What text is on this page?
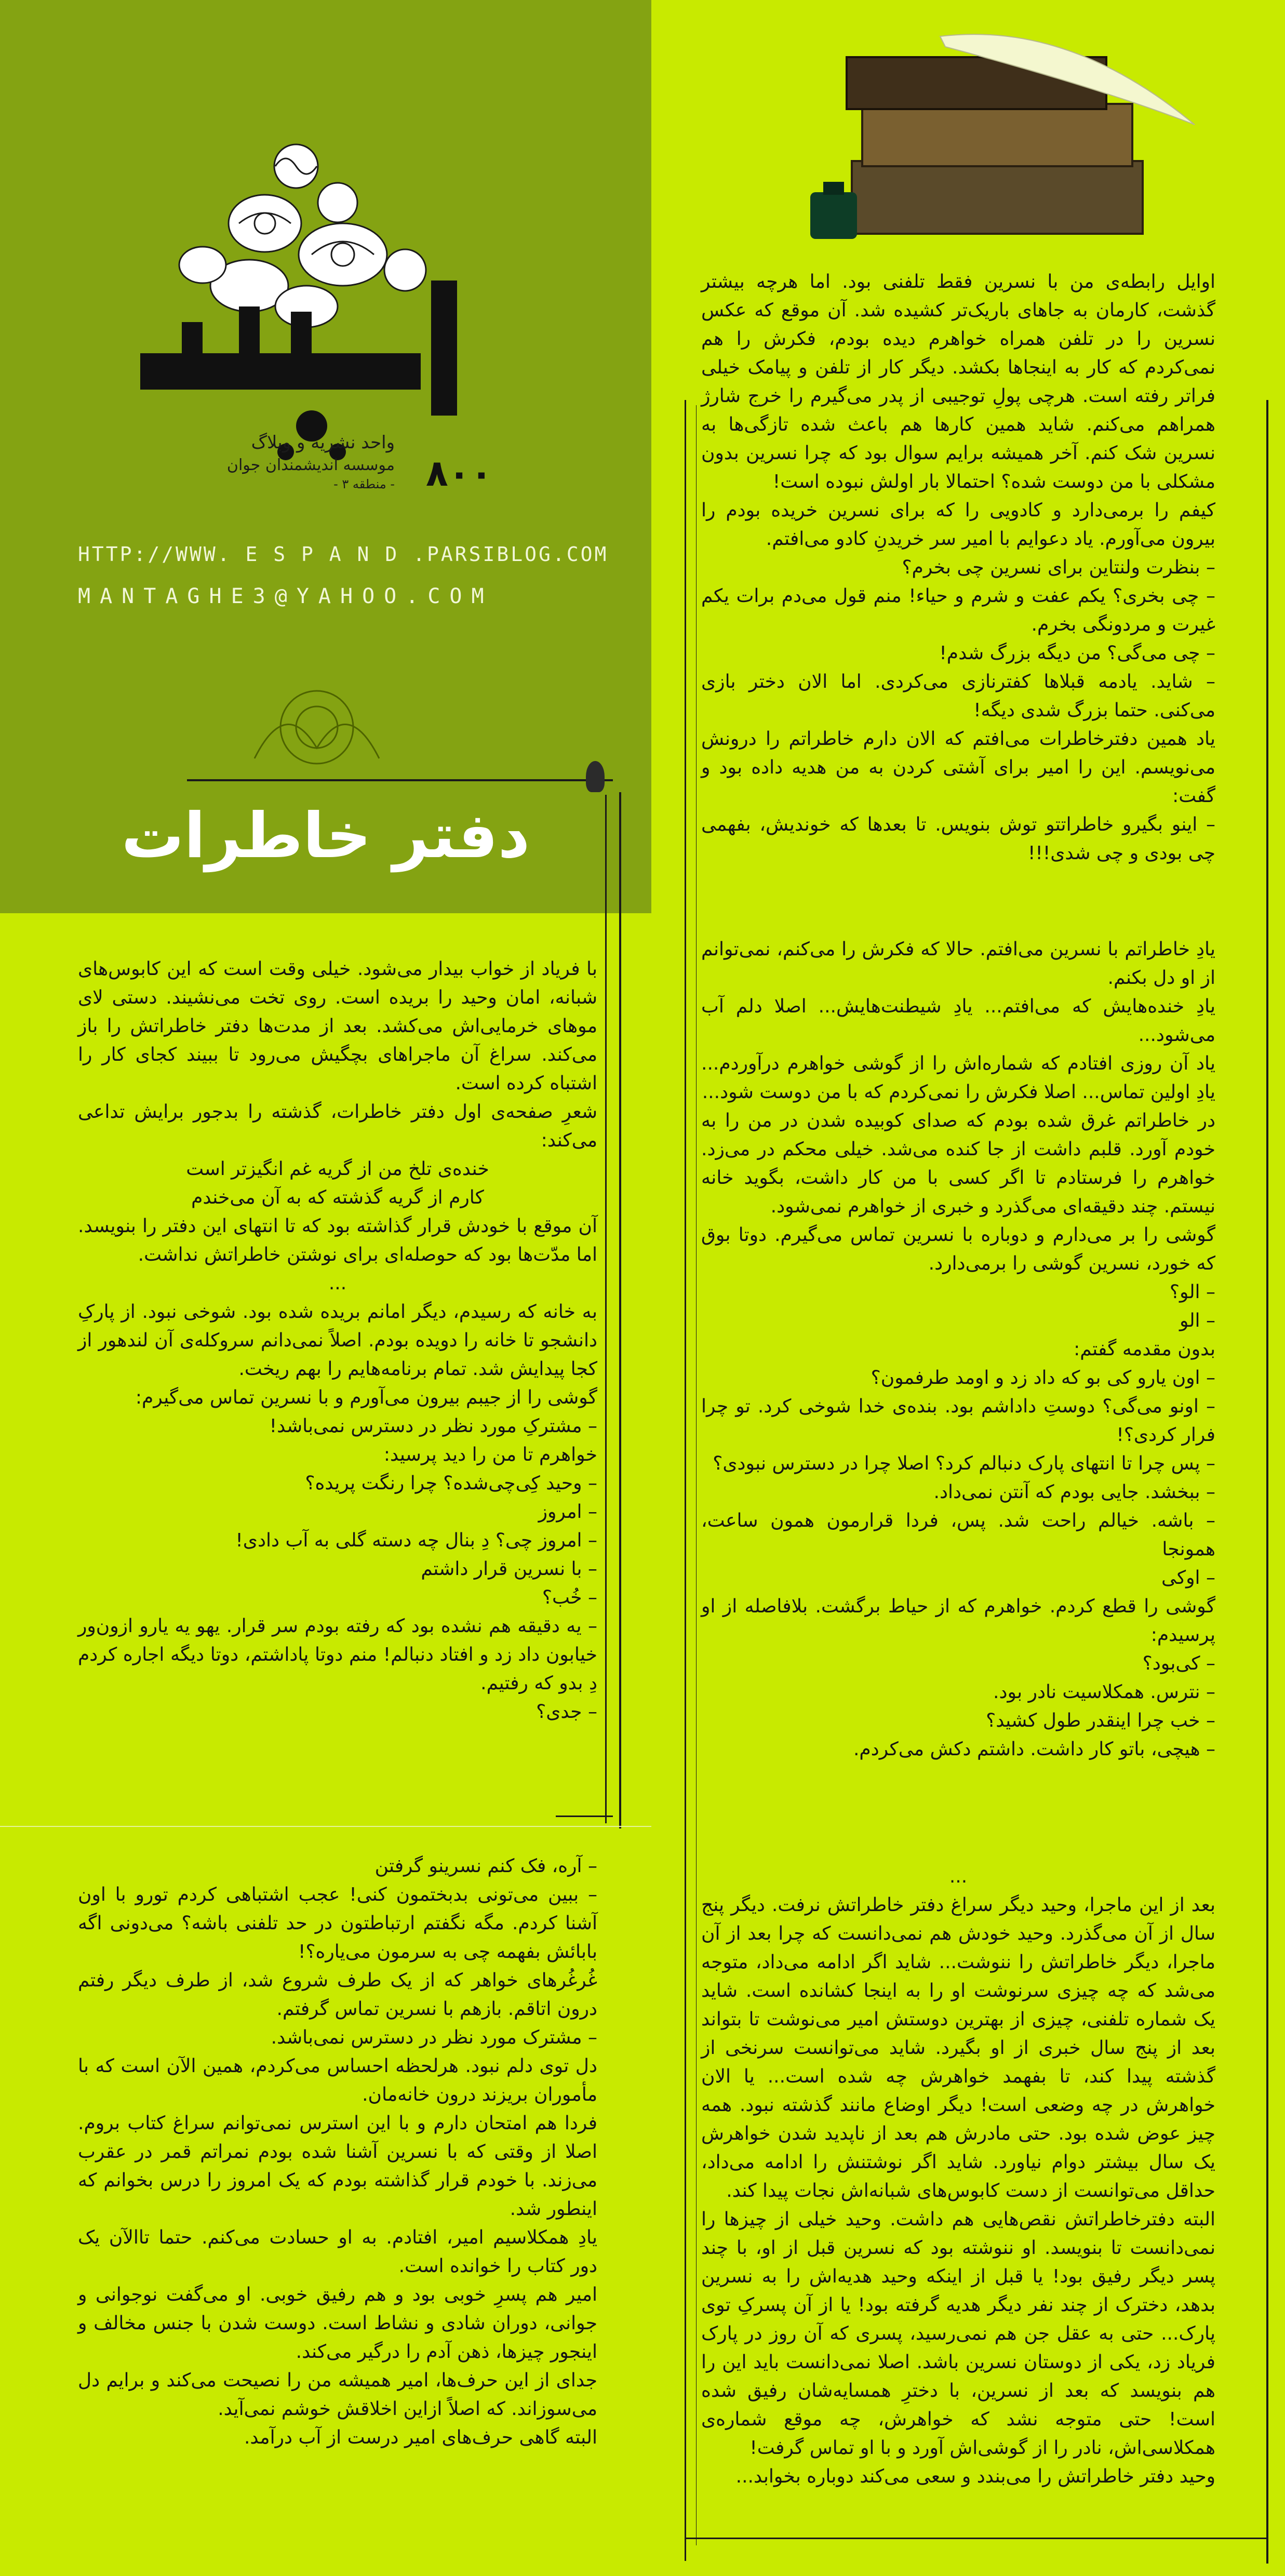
۸۰۰
واحد نشریه و وبلاگ
موسسه اندیشمندان جوان
- منطقه ۳ -
HTTP://WWW. E S P A N D .PARSIBLOG.COM
MANTAGHE3@YAHOO.COM
دفتر خاطرات

اوایل رابطه‌ی من با نسرین فقط تلفنی بود. اما هرچه بیشتر گذشت، کارمان به جاهای باریک‌تر کشیده شد. آن موقع که عکس نسرین را در تلفن همراه خواهرم دیده بودم، فکرش را هم نمی‌کردم که کار به اینجاها بکشد. دیگر کار از تلفن و پیامک خیلی فراتر رفته است. هرچی پولِ توجیبی از پدر می‌گیرم را خرج شارژ همراهم می‌کنم. شاید همین کارها هم باعث شده تازگی‌ها به نسرین شک کنم. آخر همیشه برایم سوال بود که چرا نسرین بدون مشکلی با من دوست شده؟ احتمالا بار اولش نبوده است!

کیفم را برمی‌دارد و کادویی را که برای نسرین خریده بودم را بیرون می‌آورم. یاد دعوایم با امیر سر خریدنِ کادو می‌افتم.

– بنظرت ولنتاین برای نسرین چی بخرم؟

– چی بخری؟ یکم عفت و شرم و حیاء! منم قول می‌دم برات یکم غیرت و مردونگی بخرم.

– چی می‌گی؟ من دیگه بزرگ شدم!

– شاید. یادمه قبلاها کفترنازی می‌کردی. اما الان دختر بازی می‌کنی. حتما بزرگ شدی دیگه!

یاد همین دفترخاطرات می‌افتم که الان دارم خاطراتم را درونش می‌نویسم. این را امیر برای آشتی کردن به من هدیه داده بود و گفت:

– اینو بگیرو خاطراتتو توش بنویس. تا بعدها که خوندیش، بفهمی چی بودی و چی شدی!!!

یادِ خاطراتم با نسرین می‌افتم. حالا که فکرش را می‌کنم، نمی‌توانم از او دل بکنم.

یادِ خنده‌هایش که می‌افتم... یادِ شیطنت‌هایش... اصلا دلم آب می‌شود...

یاد آن روزی افتادم که شماره‌اش را از گوشی خواهرم درآوردم... یادِ اولین تماس... اصلا فکرش را نمی‌کردم که با من دوست شود...

در خاطراتم غرق شده بودم که صدای کوبیده شدن در من را به خودم آورد. قلبم داشت از جا کنده می‌شد. خیلی محکم در می‌زد. خواهرم را فرستادم تا اگر کسی با من کار داشت، بگوید خانه نیستم. چند دقیقه‌ای می‌گذرد و خبری از خواهرم نمی‌شود.

گوشی را بر می‌دارم و دوباره با نسرین تماس می‌گیرم. دوتا بوق که خورد، نسرین گوشی را برمی‌دارد.

– الو؟

– الو

بدون مقدمه گفتم:

– اون یارو کی بو که داد زد و اومد طرفمون؟

– اونو می‌گی؟ دوستِ داداشم بود. بنده‌ی خدا شوخی کرد. تو چرا فرار کردی؟!

– پس چرا تا انتهای پارک دنبالم کرد؟ اصلا چرا در دسترس نبودی؟

– ببخشد. جایی بودم که آنتن نمی‌داد.

– باشه. خیالم راحت شد. پس، فردا قرارمون همون ساعت، همونجا

– اوکی

گوشی را قطع کردم. خواهرم که از حیاط برگشت. بلافاصله از او پرسیدم:

– کی‌بود؟

– نترس. همکلاسیت نادر بود.

– خب چرا اینقدر طول کشید؟

– هیچی، باتو کار داشت. داشتم دکش می‌کردم.

...

بعد از این ماجرا، وحید دیگر سراغ دفتر خاطراتش نرفت. دیگر پنج سال از آن می‌گذرد. وحید خودش هم نمی‌دانست که چرا بعد از آن ماجرا، دیگر خاطراتش را ننوشت... شاید اگر ادامه می‌داد، متوجه می‌شد که چه چیزی سرنوشت او را به اینجا کشانده است. شاید یک شماره تلفنی، چیزی از بهترین دوستش امیر می‌نوشت تا بتواند بعد از پنج سال خبری از او بگیرد. شاید می‌توانست سرنخی از گذشته پیدا کند، تا بفهمد خواهرش چه شده است... یا الان خواهرش در چه وضعی است! دیگر اوضاع مانند گذشته نبود. همه چیز عوض شده بود. حتی مادرش هم بعد از ناپدید شدن خواهرش یک سال بیشتر دوام نیاورد. شاید اگر نوشتنش را ادامه می‌داد، حداقل می‌توانست از دست کابوس‌های شبانه‌اش نجات پیدا کند.

البته دفترخاطراتش نقص‌هایی هم داشت. وحید خیلی از چیزها را نمی‌دانست تا بنویسد. او ننوشته بود که نسرین قبل از او، با چند پسر دیگر رفیق بود! یا قبل از اینکه وحید هدیه‌اش را به نسرین بدهد، دخترک از چند نفر دیگر هدیه گرفته بود! یا از آن پسرکِ توی پارک... حتی به عقل جن هم نمی‌رسید، پسری که آن روز در پارک فریاد زد، یکی از دوستان نسرین باشد. اصلا نمی‌دانست باید این را هم بنویسد که بعد از نسرین، با دخترِ همسایه‌شان رفیق شده است! حتی متوجه نشد که خواهرش، چه موقع شماره‌ی همکلاسی‌اش، نادر را از گوشی‌اش آورد و با او تماس گرفت!

وحید دفتر خاطراتش را می‌بندد و سعی می‌کند دوباره بخوابد...

با فریاد از خواب بیدار می‌شود. خیلی وقت است که این کابوس‌های شبانه، امان وحید را بریده است. روی تخت می‌نشیند. دستی لای موهای خرمایی‌اش می‌کشد. بعد از مدت‌ها دفتر خاطراتش را باز می‌کند. سراغ آن ماجراهای بچگیش می‌رود تا ببیند کجای کار را اشتباه کرده است.

شعرِ صفحه‌ی اول دفتر خاطرات، گذشته را بدجور برایش تداعی می‌کند:

خنده‌ی تلخ من از گریه غم انگیزتر است

کارم از گریه گذشته که به آن می‌خندم

آن موقع با خودش قرار گذاشته بود که تا انتهای این دفتر را بنویسد. اما مدّت‌ها بود که حوصله‌ای برای نوشتن خاطراتش نداشت.

...

به خانه که رسیدم، دیگر امانم بریده شده بود. شوخی نبود. از پارکِ دانشجو تا خانه را دویده بودم. اصلاً نمی‌دانم سروکله‌ی آن لندهور از کجا پیدایش شد. تمام برنامه‌هایم را بهم ریخت.

گوشی را از جیبم بیرون می‌آورم و با نسرین تماس می‌گیرم:

– مشترکِ مورد نظر در دسترس نمی‌باشد!

خواهرم تا من را دید پرسید:

– وحید کِی‌چی‌شده؟ چرا رنگت پریده؟

– امروز

– امروز چی؟ دِ بنال چه دسته گلی به آب دادی!

– با نسرین قرار داشتم

– خُب؟

– یه دقیقه هم نشده بود که رفته بودم سر قرار. یهو یه یارو ازون‌ور خیابون داد زد و افتاد دنبالم! منم دوتا پاداشتم، دوتا دیگه اجاره کردم دِ بدو که رفتیم.

– جدی؟

– آره، فک کنم نسرینو گرفتن

– ببین می‌تونی بدبختمون کنی! عجب اشتباهی کردم تورو با اون آشنا کردم. مگه نگفتم ارتباطتون در حد تلفنی باشه؟ می‌دونی اگه بابائش بفهمه چی به سرمون می‌یاره؟!

غُرغُرهای خواهر که از یک طرف شروع شد، از طرف دیگر رفتم درون اتاقم. بازهم با نسرین تماس گرفتم.

– مشترک مورد نظر در دسترس نمی‌باشد.

دل توی دلم نبود. هرلحظه احساس می‌کردم، همین الآن است که با مأموران بریزند درون خانه‌مان.

فردا هم امتحان دارم و با این استرس نمی‌توانم سراغ کتاب بروم. اصلا از وقتی که با نسرین آشنا شده بودم نمراتم قمر در عقرب می‌زند. با خودم قرار گذاشته بودم که یک امروز را درس بخوانم که اینطور شد.

یادِ همکلاسیم امیر، افتادم. به او حسادت می‌کنم. حتما تاالآن یک دور کتاب را خوانده است.

امیر هم پسرِ خوبی بود و هم رفیق خوبی. او می‌گفت نوجوانی و جوانی، دوران شادی و نشاط است. دوست شدن با جنس مخالف و اینجور چیزها، ذهن آدم را درگیر می‌کند.

جدای از این حرف‌ها، امیر همیشه من را نصیحت می‌کند و برایم دل می‌سوزاند. که اصلاً ازاین اخلاقش خوشم نمی‌آید.

البته گاهی حرف‌های امیر درست از آب درآمد.
